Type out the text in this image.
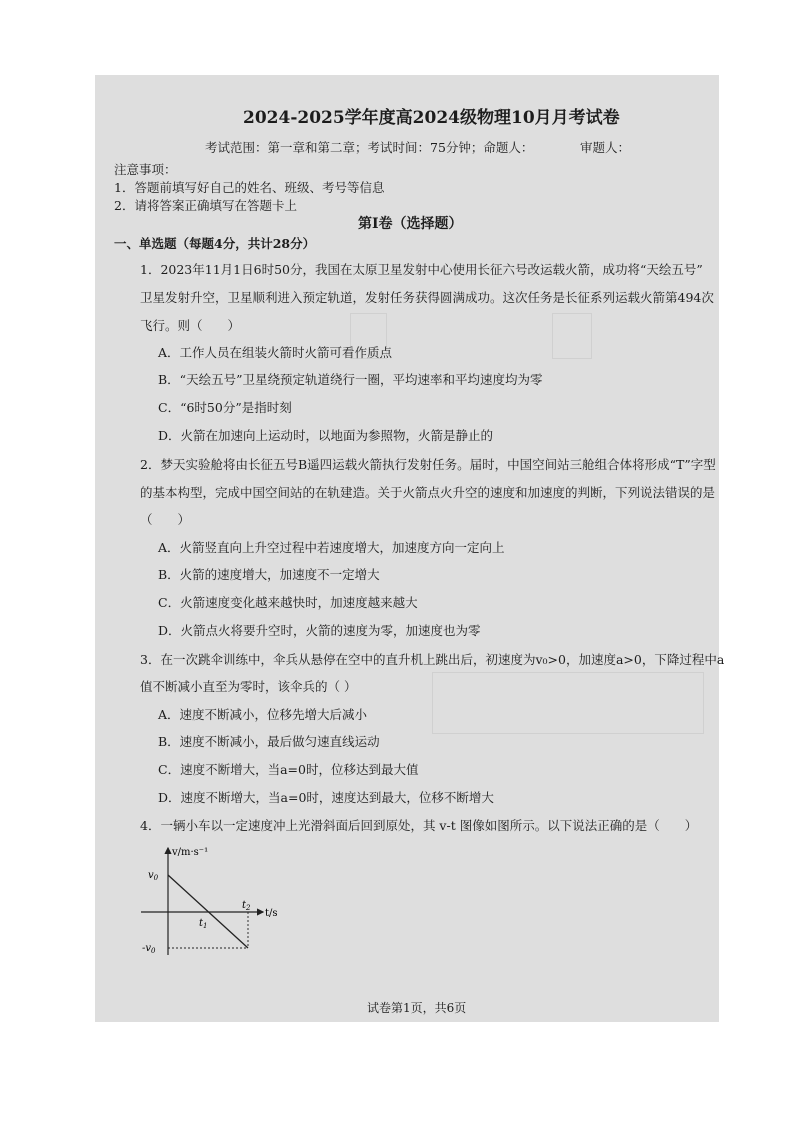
2024-2025学年度高2024级物理10月月考试卷
考试范围：第一章和第二章；考试时间：75分钟；命题人：	审题人：
注意事项：
1．答题前填写好自己的姓名、班级、考号等信息
2．请将答案正确填写在答题卡上
第Ⅰ卷（选择题）
一、单选题（每题4分，共计28分）
1．2023年11月1日6时50分，我国在太原卫星发射中心使用长征六号改运载火箭，成功将“天绘五号”
卫星发射升空，卫星顺利进入预定轨道，发射任务获得圆满成功。这次任务是长征系列运载火箭第494次
飞行。则（　　）
A．工作人员在组装火箭时火箭可看作质点
B．“天绘五号”卫星绕预定轨道绕行一圈，平均速率和平均速度均为零
C．“6时50分”是指时刻
D．火箭在加速向上运动时，以地面为参照物，火箭是静止的
2．梦天实验舱将由长征五号B遥四运载火箭执行发射任务。届时，中国空间站三舱组合体将形成“T”字型
的基本构型，完成中国空间站的在轨建造。关于火箭点火升空的速度和加速度的判断，下列说法错误的是
（　　）
A．火箭竖直向上升空过程中若速度增大，加速度方向一定向上
B．火箭的速度增大，加速度不一定增大
C．火箭速度变化越来越快时，加速度越来越大
D．火箭点火将要升空时，火箭的速度为零，加速度也为零
3．在一次跳伞训练中，伞兵从悬停在空中的直升机上跳出后，初速度为v₀>0，加速度a>0，下降过程中a
值不断减小直至为零时，该伞兵的（ ）
A．速度不断减小，位移先增大后减小
B．速度不断减小，最后做匀速直线运动
C．速度不断增大，当a=0时，位移达到最大值
D．速度不断增大，当a=0时，速度达到最大，位移不断增大
4．一辆小车以一定速度冲上光滑斜面后回到原处，其 v-t 图像如图所示。以下说法正确的是（　　）
v/m·s⁻¹
t/s
$v_0$
$-v_0$
$t_1$
$t_2$
试卷第1页，共6页
